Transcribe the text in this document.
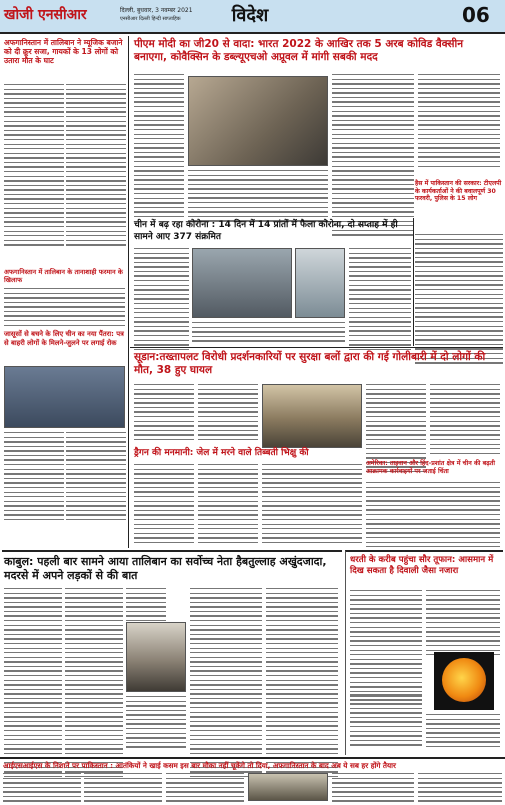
खोजी एनसीआर	दिल्ली, बुधवार, 3 नवम्बर 2021
एनसीआर दिल्ली हिन्दी साप्ताहिक	विदेश	06
अफगानिस्तान में तालिबान ने म्यूजिक बजाने को दी क्रूर सजा, गायकों के 13 लोगों को उतारा मौत के घाट
अफगानिस्तान में तालिबान के तानाशाही फरमान के खिलाफ
जासूसों से बचने के लिए चीन का नया पैंतरा: पत्र से बाहरी लोगों के मिलने-जुलने पर लगाई रोक
पीएम मोदी का जी20 से वादा: भारत 2022 के आखिर तक 5 अरब कोविड वैक्सीन बनाएगा, कोवैक्सिन के डब्ल्यूएचओ अप्रूवल में मांगी सबकी मदद
हैस में पाकिस्तान की सरकार: टीएलपी के कार्यकर्ताओं ने की बवालपूर्ण 30 फरवरी, पुलिस के 15 लोग
चीन में बढ़ रहा कोरोना : 14 दिन में 14 प्रांतों में फैला कोरोना, दो सप्ताह में ही सामने आए 377 संक्रमित
सूडान:तख्तापलट विरोधी प्रदर्शनकारियों पर सुरक्षा बलों द्वारा की गई गोलीबारी में दो लोगों की मौत, 38 हुए घायल
ड्रैगन की मनमानी: जेल में मरने वाले तिब्बती भिक्षु की
अमेरिका: ताइवान और हिंद-प्रशांत क्षेत्र में चीन की बढ़ती आक्रामक कार्रवाइयों पर जताई चिंता
काबुल: पहली बार सामने आया तालिबान का सर्वोच्च नेता हैबतुल्लाह अखुंदजादा, मदरसे में अपने लड़कों से की बात
धरती के करीब पहुंचा सौर तूफान: आसमान में दिख सकता है दिवाली जैसा नजारा
आईएसआईएस के निशाने पर पाकिस्तान : आतंकियों ने खाई कसम इस बार मौका नहीं चूकेंगे तो दिया, अफगानिस्तान के बाद अब ये सब हर होंगे तैयार
